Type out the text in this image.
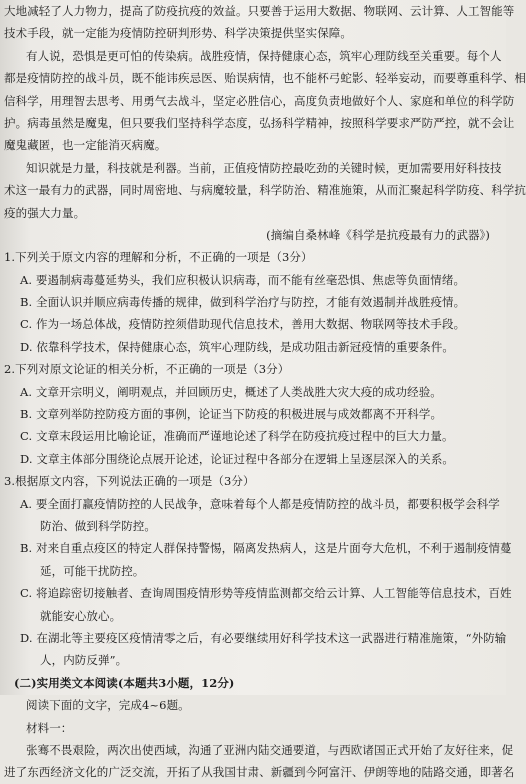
大地减轻了人力物力，提高了防疫抗疫的效益。只要善于运用大数据、物联网、云计算、人工智能等
技术手段，就一定能为疫情防控研判形势、科学决策提供坚实保障。
有人说，恐惧是更可怕的传染病。战胜疫情，保持健康心态，筑牢心理防线至关重要。每个人
都是疫情防控的战斗员，既不能讳疾忌医、贻误病情，也不能杯弓蛇影、轻举妄动，而要尊重科学、相
信科学，用理智去思考、用勇气去战斗，坚定必胜信心，高度负责地做好个人、家庭和单位的科学防
护。病毒虽然是魔鬼，但只要我们坚持科学态度，弘扬科学精神，按照科学要求严防严控，就不会让
魔鬼藏匿，也一定能消灭病魔。
知识就是力量，科技就是利器。当前，正值疫情防控最吃劲的关键时候，更加需要用好科技技
术这一最有力的武器，同时周密地、与病魔较量，科学防治、精准施策，从而汇聚起科学防疫、科学抗
疫的强大力量。
(摘编自桑林峰《科学是抗疫最有力的武器》)
1.下列关于原文内容的理解和分析，不正确的一项是（3分）
A. 要遏制病毒蔓延势头，我们应积极认识病毒，而不能有丝毫恐惧、焦虑等负面情绪。
B. 全面认识并顺应病毒传播的规律，做到科学治疗与防控，才能有效遏制并战胜疫情。
C. 作为一场总体战，疫情防控须借助现代信息技术，善用大数据、物联网等技术手段。
D. 依靠科学技术，保持健康心态，筑牢心理防线，是成功阻击新冠疫情的重要条件。
2.下列对原文论证的相关分析，不正确的一项是（3分）
A. 文章开宗明义，阐明观点，并回顾历史，概述了人类战胜大灾大疫的成功经验。
B. 文章列举防控防疫方面的事例，论证当下防疫的积极进展与成效都离不开科学。
C. 文章末段运用比喻论证，准确而严谨地论述了科学在防疫抗疫过程中的巨大力量。
D. 文章主体部分围绕论点展开论述，论证过程中各部分在逻辑上呈逐层深入的关系。
3.根据原文内容，下列说法正确的一项是（3分）
A. 要全面打赢疫情防控的人民战争，意味着每个人都是疫情防控的战斗员，都要积极学会科学
防治、做到科学防控。
B. 对来自重点疫区的特定人群保持警惕，隔离发热病人，这是片面夸大危机，不利于遏制疫情蔓
延，可能干扰防控。
C. 将追踪密切接触者、查询周围疫情形势等疫情监测都交给云计算、人工智能等信息技术，百姓
就能安心放心。
D. 在湖北等主要疫区疫情清零之后，有必要继续用好科学技术这一武器进行精准施策，“外防输
人，内防反弹”。
(二)实用类文本阅读(本题共3小题，12分)
阅读下面的文字，完成4~6题。
材料一：
张骞不畏艰险，两次出使西域，沟通了亚洲内陆交通要道，与西欧诸国正式开始了友好往来，促
进了东西经济文化的广泛交流，开拓了从我国甘肃、新疆到今阿富汗、伊朗等地的陆路交通，即著名
